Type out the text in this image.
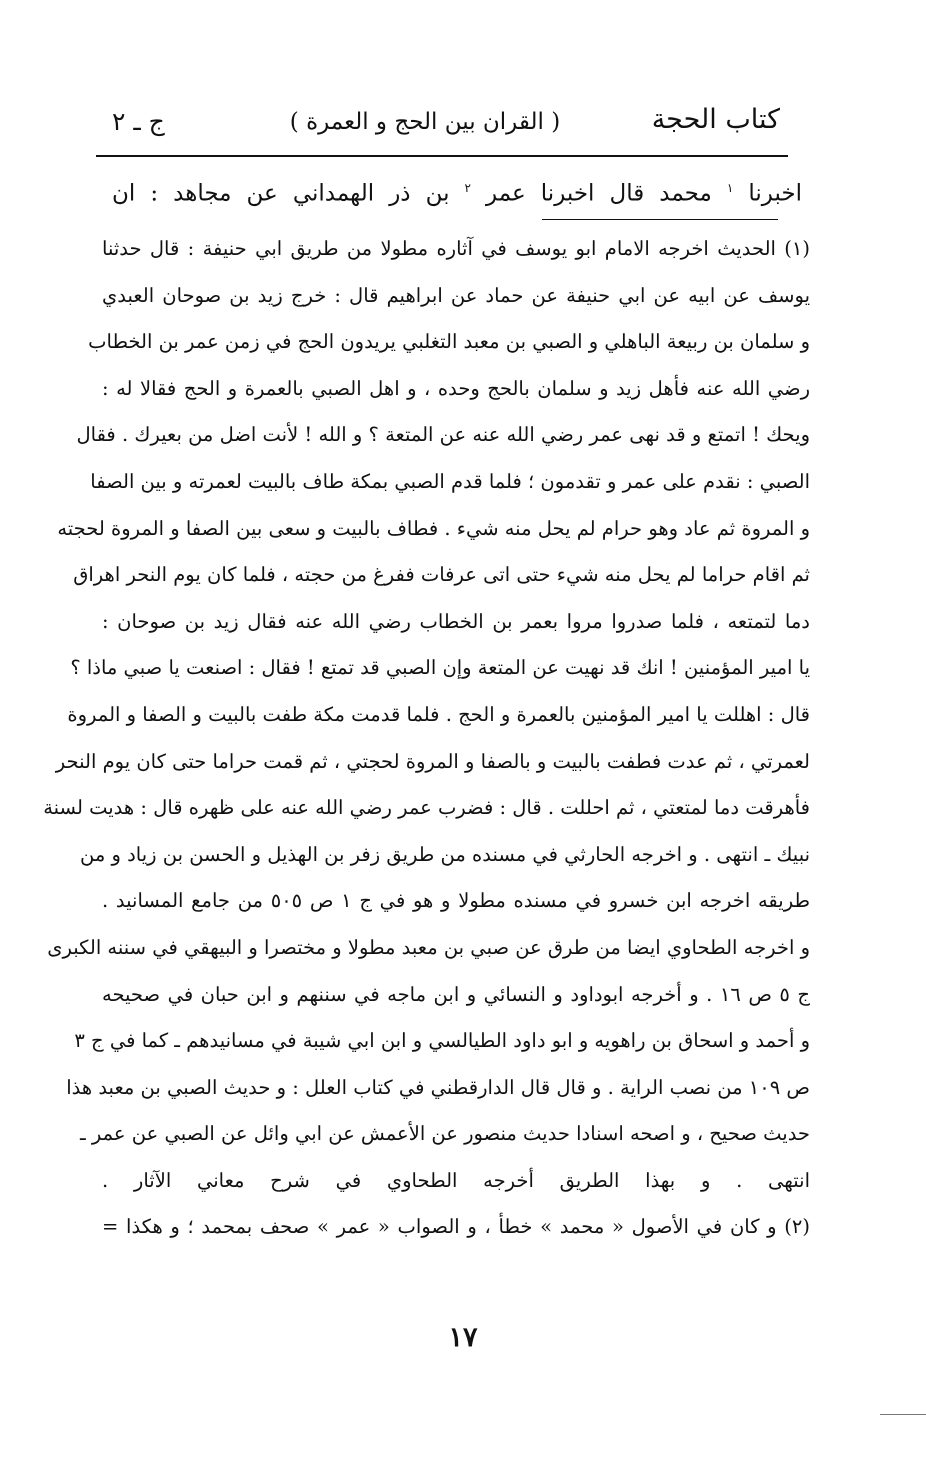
كتاب الحجة
( القران بين الحج و العمرة )
ج ـ ٢
اخبرنا $^١$ محمد قال اخبرنا عمر $^٢$ بن ذر الهمداني عن مجاهد : ان
(١) الحديث اخرجه الامام ابو يوسف في آثاره مطولا من طريق ابي حنيفة : قال حدثنا
يوسف عن ابيه عن ابي حنيفة عن حماد عن ابراهيم قال : خرج زيد بن صوحان العبدي
و سلمان بن ربيعة الباهلي و الصبي بن معبد التغلبي يريدون الحج في زمن عمر بن الخطاب
رضي الله عنه فأهل زيد و سلمان بالحج وحده ، و اهل الصبي بالعمرة و الحج فقالا له :
ويحك ! اتمتع و قد نهى عمر رضي الله عنه عن المتعة ؟ و الله ! لأنت اضل من بعيرك . فقال
الصبي : نقدم على عمر و تقدمون ؛ فلما قدم الصبي بمكة طاف بالبيت لعمرته و بين الصفا
و المروة ثم عاد وهو حرام لم يحل منه شيء . فطاف بالبيت و سعى بين الصفا و المروة لحجته
ثم اقام حراما لم يحل منه شيء حتى اتى عرفات ففرغ من حجته ، فلما كان يوم النحر اهراق
دما لتمتعه ، فلما صدروا مروا بعمر بن الخطاب رضي الله عنه فقال زيد بن صوحان :
يا امير المؤمنين ! انك قد نهيت عن المتعة وإن الصبي قد تمتع ! فقال : اصنعت يا صبي ماذا ؟
قال : اهللت يا امير المؤمنين بالعمرة و الحج . فلما قدمت مكة طفت بالبيت و الصفا و المروة
لعمرتي ، ثم عدت فطفت بالبيت و بالصفا و المروة لحجتي ، ثم قمت حراما حتى كان يوم النحر
فأهرقت دما لمتعتي ، ثم احللت . قال : فضرب عمر رضي الله عنه على ظهره قال : هديت لسنة
نبيك ـ انتهى . و اخرجه الحارثي في مسنده من طريق زفر بن الهذيل و الحسن بن زياد و من
طريقه اخرجه ابن خسرو في مسنده مطولا و هو في ج ١ ص ٥٠٥ من جامع المسانيد .
و اخرجه الطحاوي ايضا من طرق عن صبي بن معبد مطولا و مختصرا و البيهقي في سننه الكبرى
ج ٥ ص ١٦ . و أخرجه ابوداود و النسائي و ابن ماجه في سننهم و ابن حبان في صحيحه
و أحمد و اسحاق بن راهويه و ابو داود الطيالسي و ابن ابي شيبة في مسانيدهم ـ كما في ج ٣
ص ١٠٩ من نصب الراية . و قال قال الدارقطني في كتاب العلل : و حديث الصبي بن معبد هذا
حديث صحيح ، و اصحه اسنادا حديث منصور عن الأعمش عن ابي وائل عن الصبي عن عمر ـ
انتهى . و بهذا الطريق أخرجه الطحاوي في شرح معاني الآثار .
(٢) و كان في الأصول « محمد » خطأ ، و الصواب « عمر » صحف بمحمد ؛ و هكذا =
١٧
